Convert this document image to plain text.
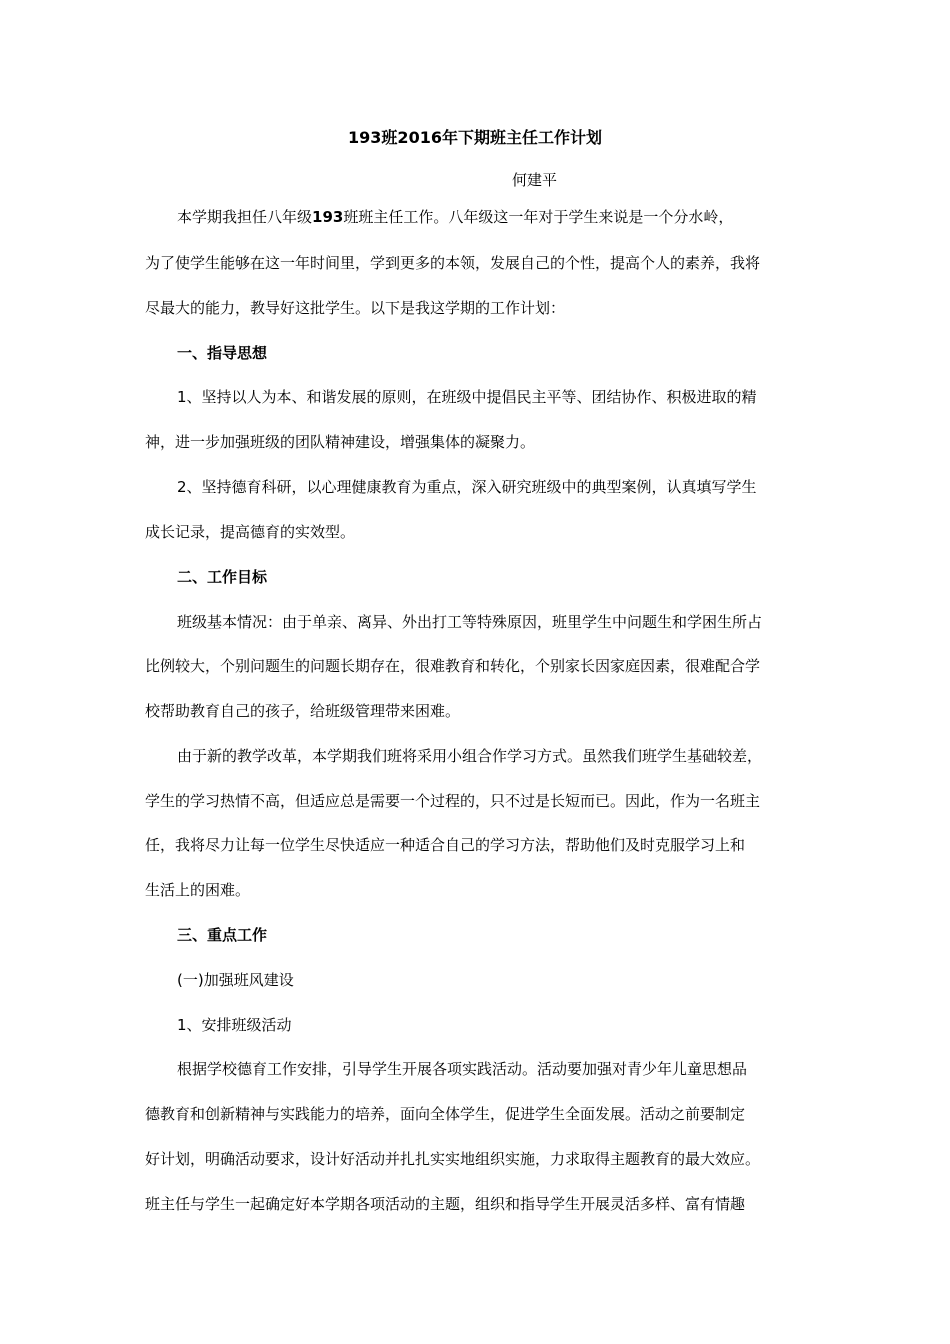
193班2016年下期班主任工作计划
何建平
本学期我担任八年级193班班主任工作。八年级这一年对于学生来说是一个分水岭，
为了使学生能够在这一年时间里，学到更多的本领，发展自己的个性，提高个人的素养，我将
尽最大的能力，教导好这批学生。以下是我这学期的工作计划：
一、指导思想
1、坚持以人为本、和谐发展的原则，在班级中提倡民主平等、团结协作、积极进取的精
神，进一步加强班级的团队精神建设，增强集体的凝聚力。
2、坚持德育科研，以心理健康教育为重点，深入研究班级中的典型案例，认真填写学生
成长记录，提高德育的实效型。
二、工作目标
班级基本情况：由于单亲、离异、外出打工等特殊原因，班里学生中问题生和学困生所占
比例较大，个别问题生的问题长期存在，很难教育和转化，个别家长因家庭因素，很难配合学
校帮助教育自己的孩子，给班级管理带来困难。
由于新的教学改革，本学期我们班将采用小组合作学习方式。虽然我们班学生基础较差，
学生的学习热情不高，但适应总是需要一个过程的，只不过是长短而已。因此，作为一名班主
任，我将尽力让每一位学生尽快适应一种适合自己的学习方法，帮助他们及时克服学习上和
生活上的困难。
三、重点工作
(一)加强班风建设
1、安排班级活动
根据学校德育工作安排，引导学生开展各项实践活动。活动要加强对青少年儿童思想品
德教育和创新精神与实践能力的培养，面向全体学生，促进学生全面发展。活动之前要制定
好计划，明确活动要求，设计好活动并扎扎实实地组织实施，力求取得主题教育的最大效应。
班主任与学生一起确定好本学期各项活动的主题，组织和指导学生开展灵活多样、富有情趣
